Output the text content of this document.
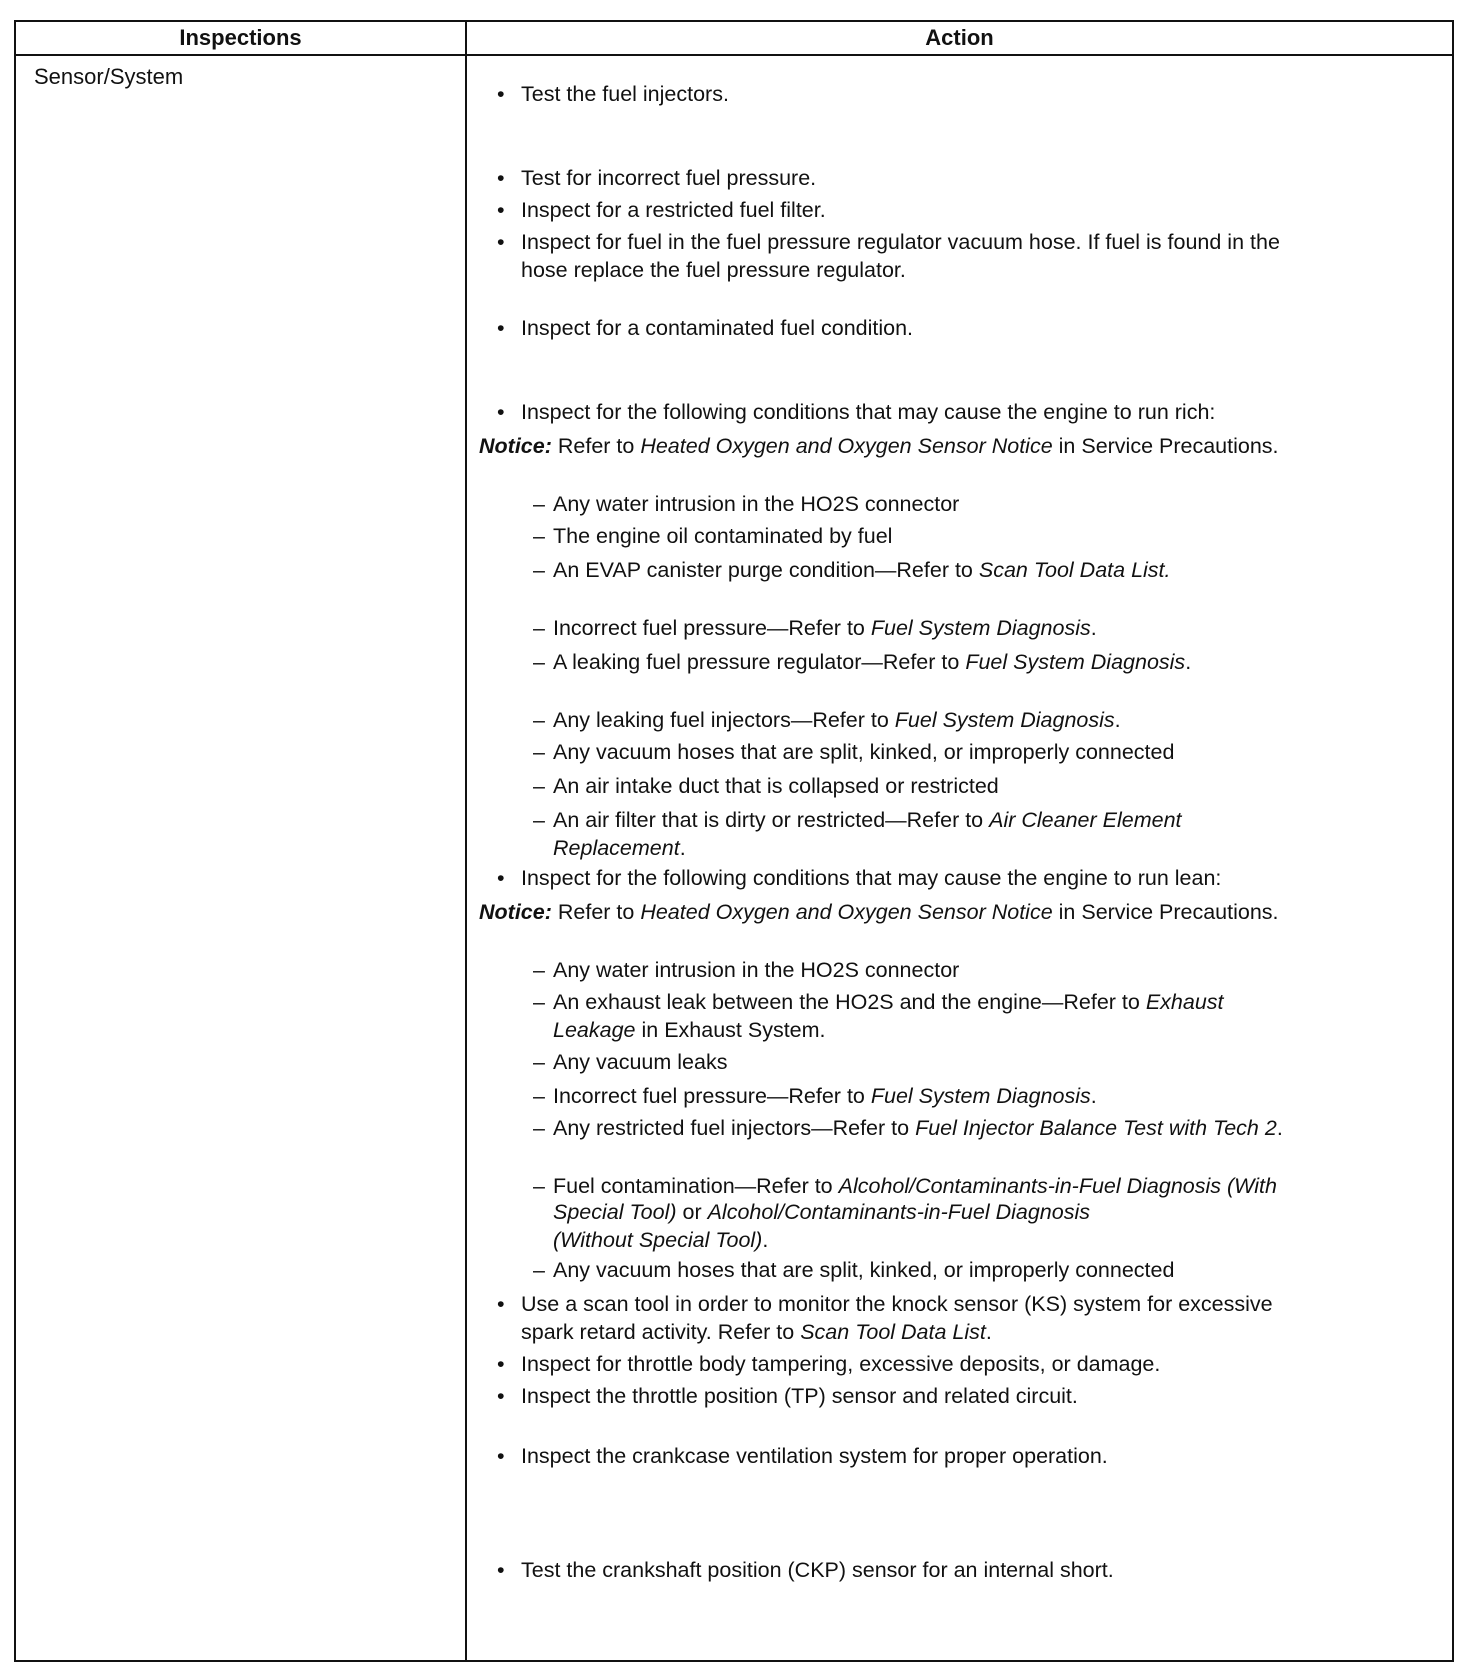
Inspections	Action
Sensor/System
• Test the fuel injectors.
• Test for incorrect fuel pressure.
• Inspect for a restricted fuel filter.
• Inspect for fuel in the fuel pressure regulator vacuum hose. If fuel is found in the
hose replace the fuel pressure regulator.
• Inspect for a contaminated fuel condition.
• Inspect for the following conditions that may cause the engine to run rich:
Notice: Refer to Heated Oxygen and Oxygen Sensor Notice in Service Precautions.
– Any water intrusion in the HO2S connector
– The engine oil contaminated by fuel
– An EVAP canister purge condition—Refer to Scan Tool Data List.
– Incorrect fuel pressure—Refer to Fuel System Diagnosis.
– A leaking fuel pressure regulator—Refer to Fuel System Diagnosis.
– Any leaking fuel injectors—Refer to Fuel System Diagnosis.
– Any vacuum hoses that are split, kinked, or improperly connected
– An air intake duct that is collapsed or restricted
– An air filter that is dirty or restricted—Refer to Air Cleaner Element
Replacement.
• Inspect for the following conditions that may cause the engine to run lean:
Notice: Refer to Heated Oxygen and Oxygen Sensor Notice in Service Precautions.
– Any water intrusion in the HO2S connector
– An exhaust leak between the HO2S and the engine—Refer to Exhaust
Leakage in Exhaust System.
– Any vacuum leaks
– Incorrect fuel pressure—Refer to Fuel System Diagnosis.
– Any restricted fuel injectors—Refer to Fuel Injector Balance Test with Tech 2.
– Fuel contamination—Refer to Alcohol/Contaminants-in-Fuel Diagnosis (With
Special Tool) or Alcohol/Contaminants-in-Fuel Diagnosis
(Without Special Tool).
– Any vacuum hoses that are split, kinked, or improperly connected
• Use a scan tool in order to monitor the knock sensor (KS) system for excessive
spark retard activity. Refer to Scan Tool Data List.
• Inspect for throttle body tampering, excessive deposits, or damage.
• Inspect the throttle position (TP) sensor and related circuit.
• Inspect the crankcase ventilation system for proper operation.
• Test the crankshaft position (CKP) sensor for an internal short.
